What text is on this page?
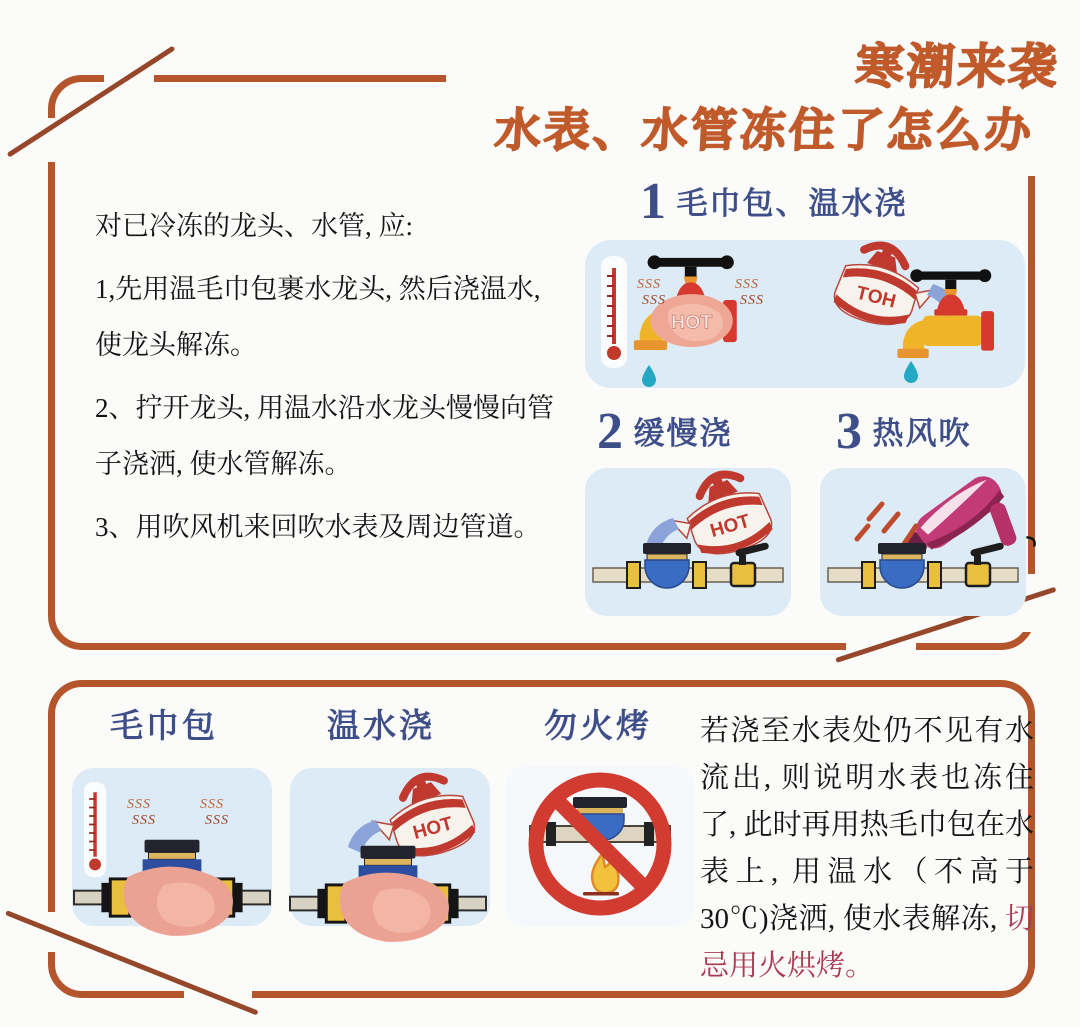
寒潮来袭
水表、水管冻住了怎么办

对已冷冻的龙头、水管, 应:

1,先用温毛巾包裹水龙头, 然后浇温水, 使龙头解冻。

2、拧开龙头, 用温水沿水龙头慢慢向管子浇洒, 使水管解冻。

3、用吹风机来回吹水表及周边管道。

1 毛巾包、温水浇
2 缓慢浇 3 热风吹
HOT
毛巾包	温水浇	勿火烤	若浇至水表处仍不见有水流出, 则说明水表也冻住了, 此时再用热毛巾包在水表上, 用温水（不高于30℃)浇洒, 使水表解冻, 切忌用火烘烤。
